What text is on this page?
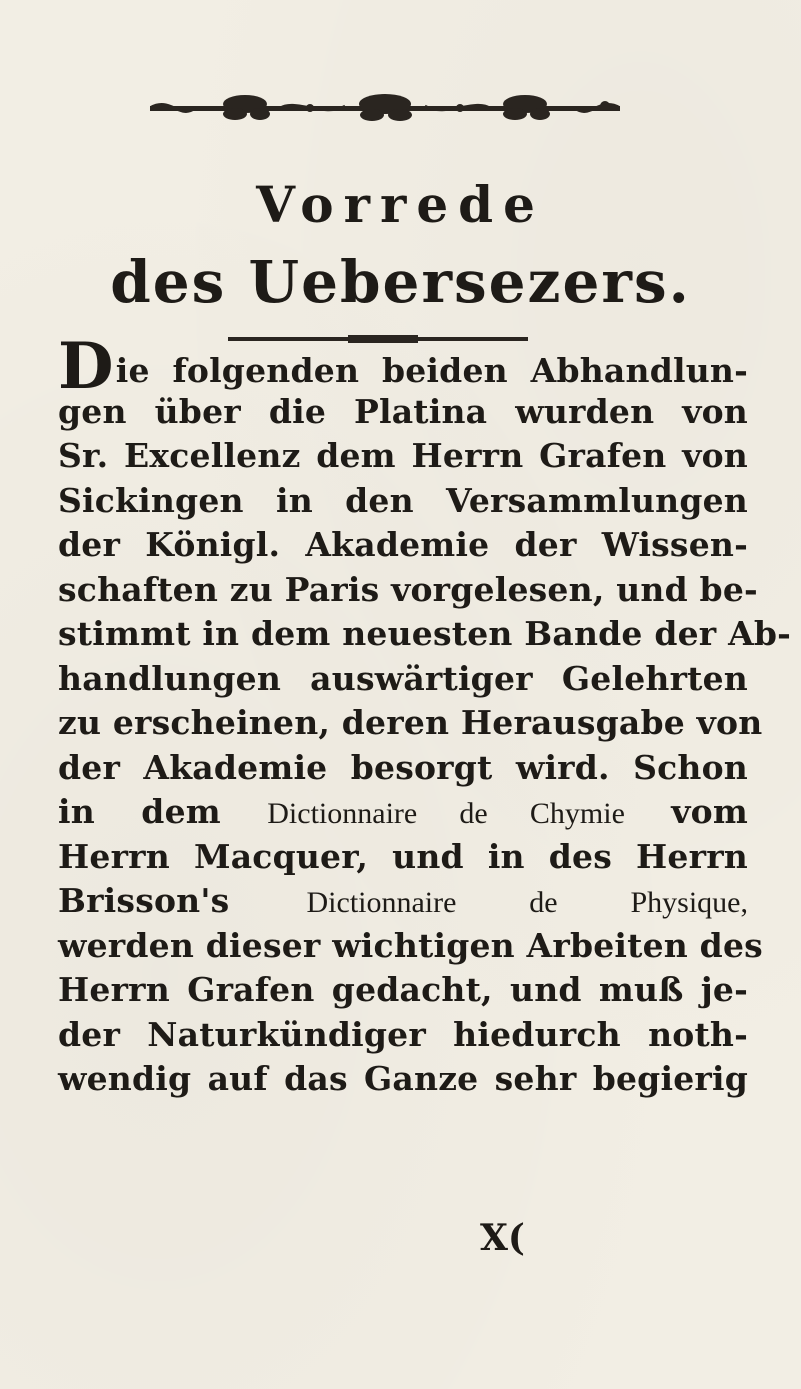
Vorrede
des Uebersezers.
Die folgenden beiden Abhandlun-
gen über die Platina wurden von
Sr. Excellenz dem Herrn Grafen von
Sickingen in den Versammlungen
der Königl. Akademie der Wissen-
schaften zu Paris vorgelesen, und be-
stimmt in dem neuesten Bande der Ab-
handlungen auswärtiger Gelehrten
zu erscheinen, deren Herausgabe von
der Akademie besorgt wird. Schon
in dem Dictionnaire de Chymie vom
Herrn Macquer, und in des Herrn
Brisson's Dictionnaire de Physique,
werden dieser wichtigen Arbeiten des
Herrn Grafen gedacht, und muß je-
der Naturkündiger hiedurch noth-
wendig auf das Ganze sehr begierig
X(
